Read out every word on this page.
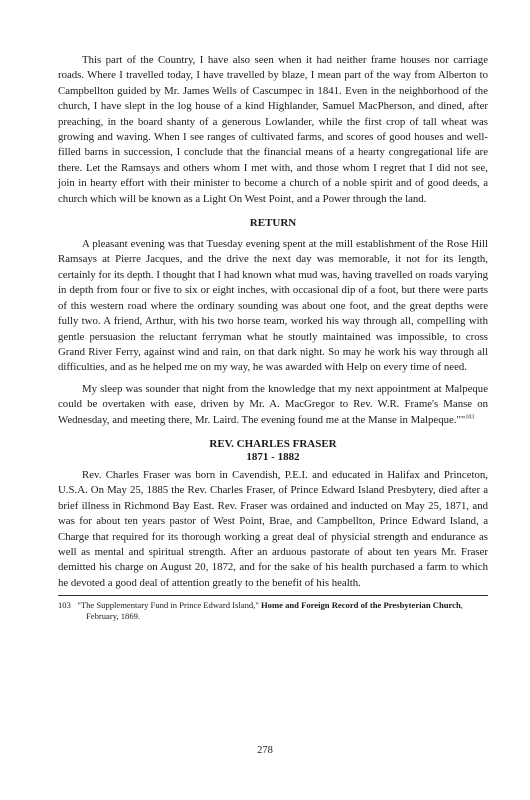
This part of the Country, I have also seen when it had neither frame houses nor carriage roads. Where I travelled today, I have travelled by blaze, I mean part of the way from Alberton to Campbellton guided by Mr. James Wells of Cascumpec in 1841. Even in the neighborhood of the church, I have slept in the log house of a kind Highlander, Samuel MacPherson, and dined, after preaching, in the board shanty of a generous Lowlander, while the first crop of tall wheat was growing and waving. When I see ranges of cultivated farms, and scores of good houses and well-filled barns in succession, I conclude that the financial means of a hearty congregational life are there. Let the Ramsays and others whom I met with, and those whom I regret that I did not see, join in hearty effort with their minister to become a church of a noble spirit and of good deeds, a church which will be known as a Light On West Point, and a Power through the land.

RETURN

A pleasant evening was that Tuesday evening spent at the mill establishment of the Rose Hill Ramsays at Pierre Jacques, and the drive the next day was memorable, it not for its length, certainly for its depth. I thought that I had known what mud was, having travelled on roads varying in depth from four or five to six or eight inches, with occasional dip of a foot, but there were parts of this western road where the ordinary sounding was about one foot, and the great depths were fully two. A friend, Arthur, with his two horse team, worked his way through all, compelling with gentle persuasion the reluctant ferryman what he stoutly maintained was impossible, to cross Grand River Ferry, against wind and rain, on that dark night. So may he work his way through all difficulties, and as he helped me on my way, he was awarded with Help on every time of need.

My sleep was sounder that night from the knowledge that my next appointment at Malpeque could be overtaken with ease, driven by Mr. A. MacGregor to Rev. W.R. Frame's Manse on Wednesday, and meeting there, Mr. Laird. The evening found me at the Manse in Malpeque.""$^{103}$

REV. CHARLES FRASER
1871 - 1882

Rev. Charles Fraser was born in Cavendish, P.E.I. and educated in Halifax and Princeton, U.S.A. On May 25, 1885 the Rev. Charles Fraser, of Prince Edward Island Presbytery, died after a brief illness in Richmond Bay East. Rev. Fraser was ordained and inducted on May 25, 1871, and was for about ten years pastor of West Point, Brae, and Campbellton, Prince Edward Island, a Charge that required for its thorough working a great deal of physicial strength and endurance as well as mental and spiritual strength. After an arduous pastorate of about ten years Mr. Fraser demitted his charge on August 20, 1872, and for the sake of his health purchased a farm to which he devoted a good deal of attention greatly to the benefit of his health.

103 "The Supplementary Fund in Prince Edward Island," Home and Foreign Record of the Presbyterian Church, February, 1869.
278
